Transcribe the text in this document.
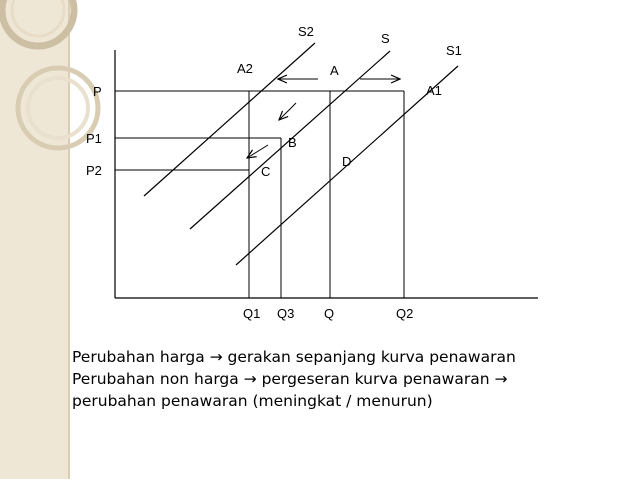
S2	S
S1
A2	A
A1
B
C
D
P
P1
P2
Q1 Q3 Q	Q2
Perubahan harga → gerakan sepanjang kurva penawaran
Perubahan non harga → pergeseran kurva penawaran →
perubahan penawaran (meningkat / menurun)
